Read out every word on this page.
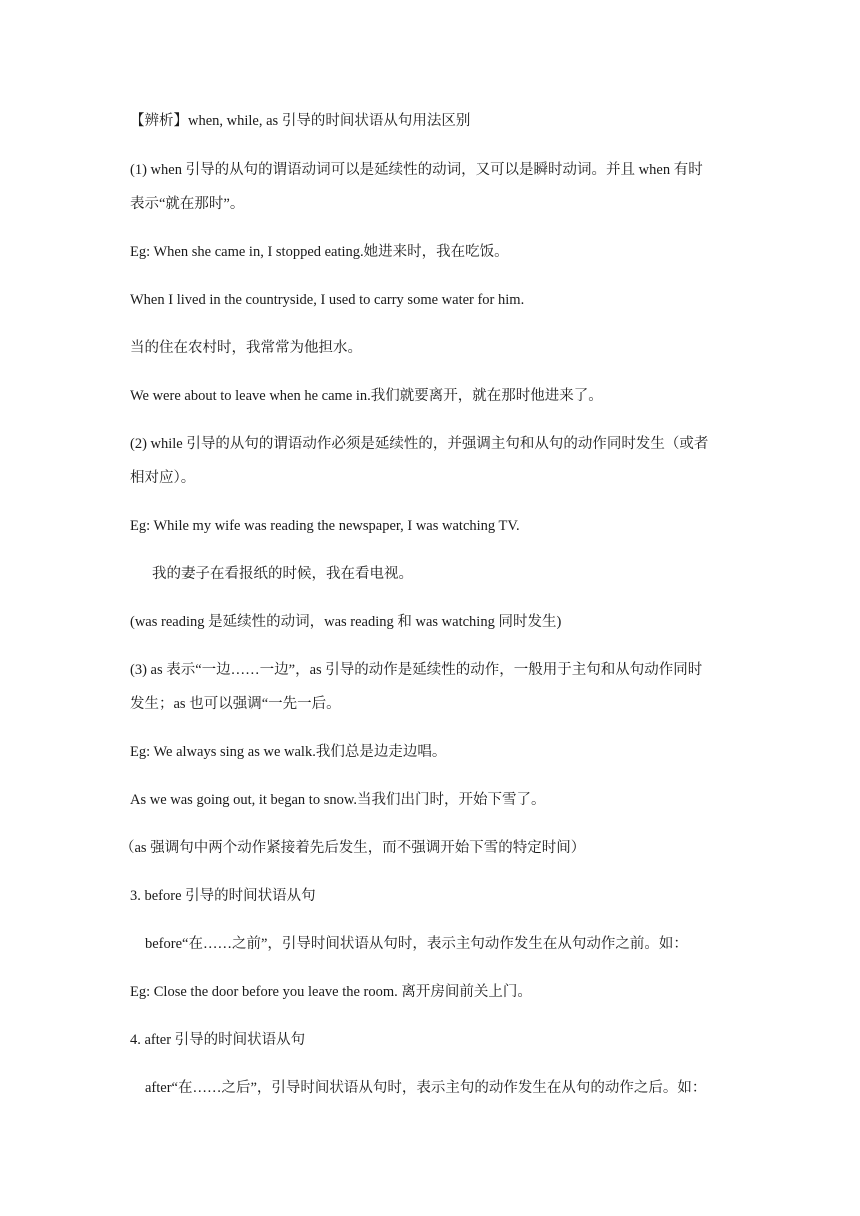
【辨析】when, while, as 引导的时间状语从句用法区别
(1) when 引导的从句的谓语动词可以是延续性的动词，又可以是瞬时动词。并且 when 有时
表示“就在那时”。
Eg: When she came in, I stopped eating.她进来时，我在吃饭。
When I lived in the countryside, I used to carry some water for him.
当的住在农村时，我常常为他担水。
We were about to leave when he came in.我们就要离开，就在那时他进来了。
(2) while 引导的从句的谓语动作必须是延续性的，并强调主句和从句的动作同时发生（或者
相对应）。
Eg: While my wife was reading the newspaper, I was watching TV.
我的妻子在看报纸的时候，我在看电视。
(was reading 是延续性的动词，was reading 和 was watching 同时发生)
(3) as 表示“一边……一边”，as 引导的动作是延续性的动作，一般用于主句和从句动作同时
发生；as 也可以强调“一先一后。
Eg: We always sing as we walk.我们总是边走边唱。
As we was going out, it began to snow.当我们出门时，开始下雪了。
（as 强调句中两个动作紧接着先后发生，而不强调开始下雪的特定时间）
3. before 引导的时间状语从句
before“在……之前”，引导时间状语从句时，表示主句动作发生在从句动作之前。如：
Eg: Close the door before you leave the room. 离开房间前关上门。
4. after 引导的时间状语从句
after“在……之后”，引导时间状语从句时，表示主句的动作发生在从句的动作之后。如：
